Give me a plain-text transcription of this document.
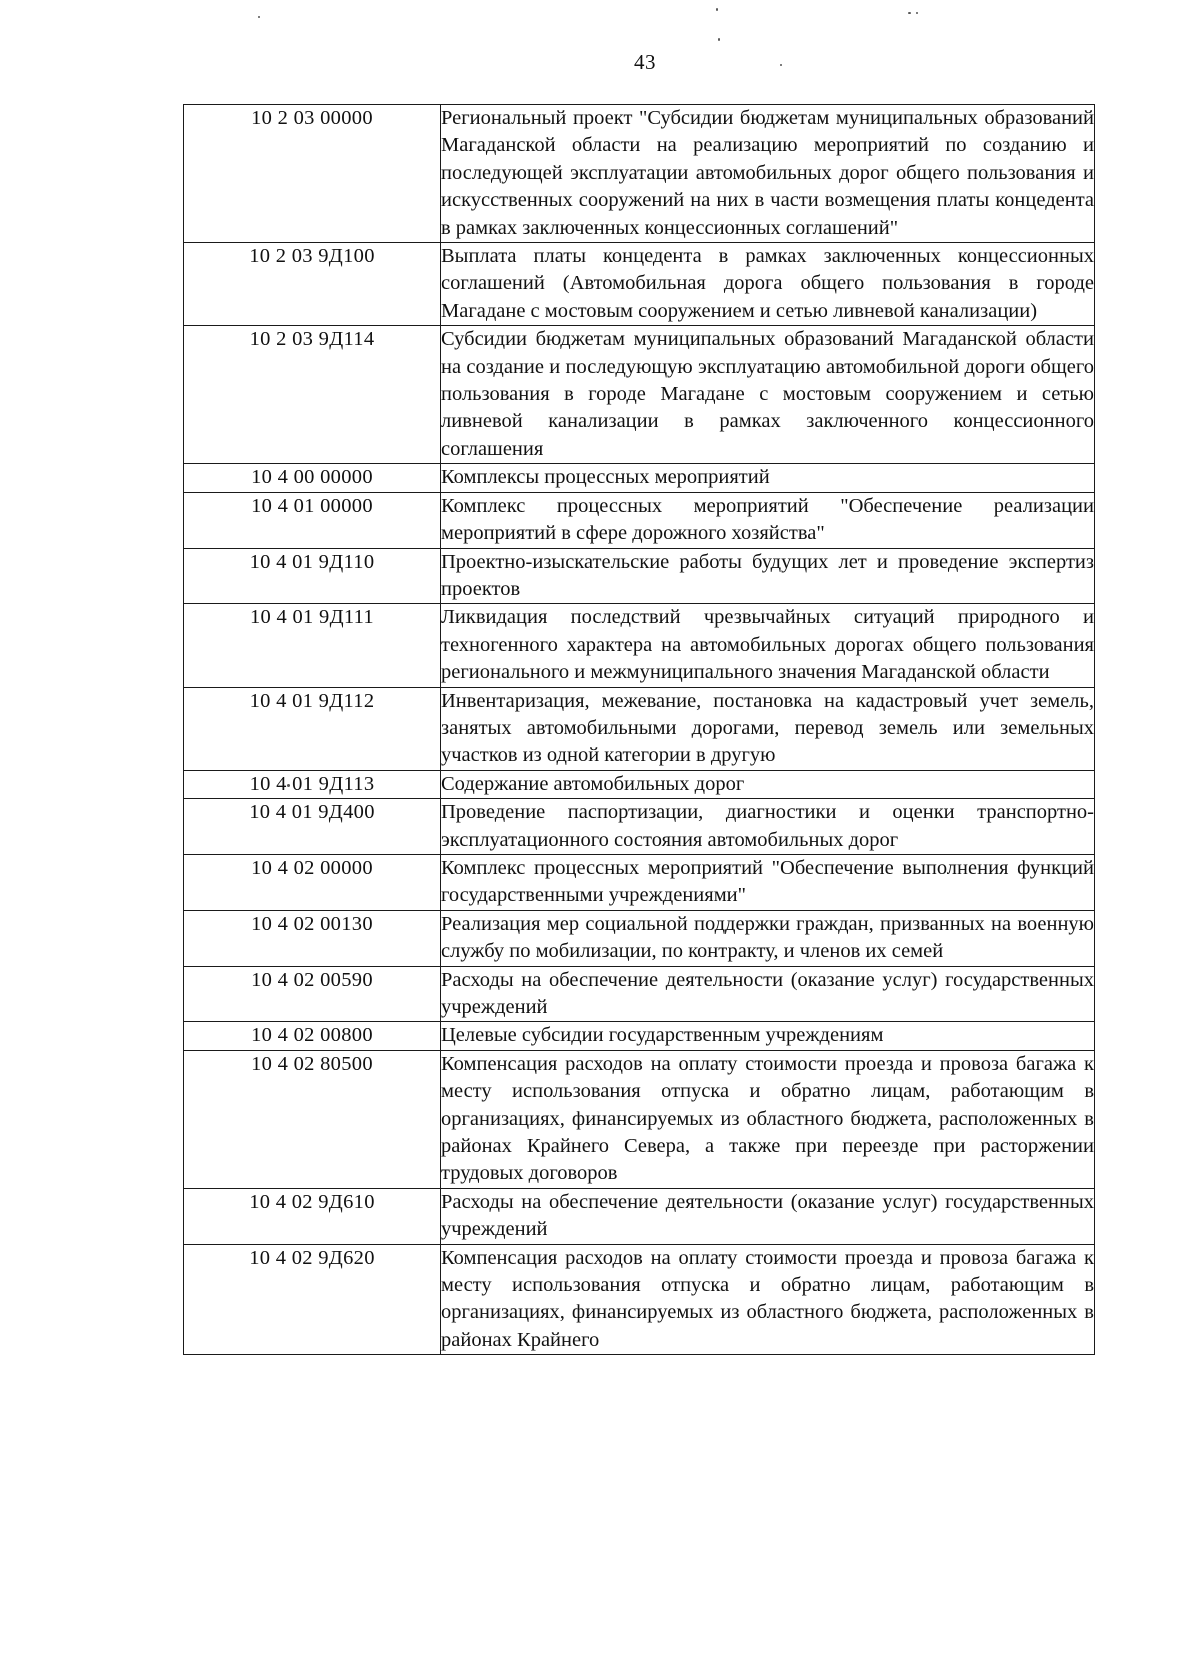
43
10 2 03 00000	Региональный проект "Субсидии бюджетам муниципальных образований Магаданской области на реализацию мероприятий по созданию и последующей эксплуатации автомобильных дорог общего пользования и искусственных сооружений на них в части возмещения платы концедента в рамках заключенных концессионных соглашений"
10 2 03 9Д100	Выплата платы концедента в рамках заключенных концессионных соглашений (Автомобильная дорога общего пользования в городе Магадане с мостовым сооружением и сетью ливневой канализации)
10 2 03 9Д114	Субсидии бюджетам муниципальных образований Магаданской области на создание и последующую эксплуатацию автомобильной дороги общего пользования в городе Магадане с мостовым сооружением и сетью ливневой канализации в рамках заключенного концессионного соглашения
10 4 00 00000	Комплексы процессных мероприятий
10 4 01 00000	Комплекс процессных мероприятий "Обеспечение реализации мероприятий в сфере дорожного хозяйства"
10 4 01 9Д110	Проектно-изыскательские работы будущих лет и проведение экспертиз проектов
10 4 01 9Д111	Ликвидация последствий чрезвычайных ситуаций природного и техногенного характера на автомобильных дорогах общего пользования регионального и межмуниципального значения Магаданской области
10 4 01 9Д112	Инвентаризация, межевание, постановка на кадастровый учет земель, занятых автомобильными дорогами, перевод земель или земельных участков из одной категории в другую
10 4 01 9Д113	Содержание автомобильных дорог
10 4 01 9Д400	Проведение паспортизации, диагностики и оценки транспортно-эксплуатационного состояния автомобильных дорог
10 4 02 00000	Комплекс процессных мероприятий "Обеспечение выполнения функций государственными учреждениями"
10 4 02 00130	Реализация мер социальной поддержки граждан, призванных на военную службу по мобилизации, по контракту, и членов их семей
10 4 02 00590	Расходы на обеспечение деятельности (оказание услуг) государственных учреждений
10 4 02 00800	Целевые субсидии государственным учреждениям
10 4 02 80500	Компенсация расходов на оплату стоимости проезда и провоза багажа к месту использования отпуска и обратно лицам, работающим в организациях, финансируемых из областного бюджета, расположенных в районах Крайнего Севера, а также при переезде при расторжении трудовых договоров
10 4 02 9Д610	Расходы на обеспечение деятельности (оказание услуг) государственных учреждений
10 4 02 9Д620	Компенсация расходов на оплату стоимости проезда и провоза багажа к месту использования отпуска и обратно лицам, работающим в организациях, финансируемых из областного бюджета, расположенных в районах Крайнего
